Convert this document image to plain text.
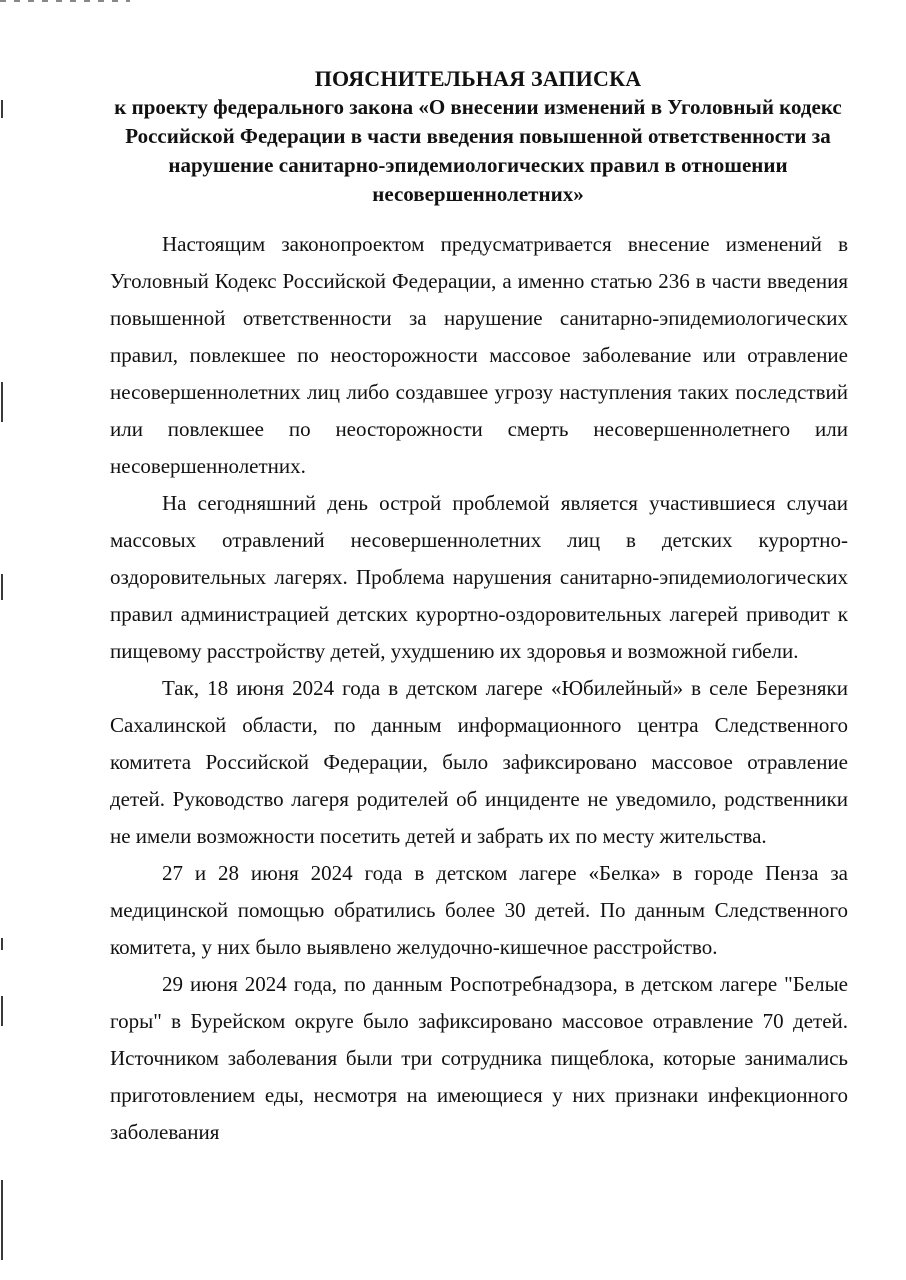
ПОЯСНИТЕЛЬНАЯ ЗАПИСКА
к проекту федерального закона «О внесении изменений в Уголовный кодекс Российской Федерации в части введения повышенной ответственности за нарушение санитарно-эпидемиологических правил в отношении несовершеннолетних»

Настоящим законопроектом предусматривается внесение изменений в Уголовный Кодекс Российской Федерации, а именно статью 236 в части введения повышенной ответственности за нарушение санитарно-эпидемиологических правил, повлекшее по неосторожности массовое заболевание или отравление несовершеннолетних лиц либо создавшее угрозу наступления таких последствий или повлекшее по неосторожности смерть несовершеннолетнего или несовершеннолетних.

На сегодняшний день острой проблемой является участившиеся случаи массовых отравлений несовершеннолетних лиц в детских курортно-оздоровительных лагерях. Проблема нарушения санитарно-эпидемиологических правил администрацией детских курортно-оздоровительных лагерей приводит к пищевому расстройству детей, ухудшению их здоровья и возможной гибели.

Так, 18 июня 2024 года в детском лагере «Юбилейный» в селе Березняки Сахалинской области, по данным информационного центра Следственного комитета Российской Федерации, было зафиксировано массовое отравление детей. Руководство лагеря родителей об инциденте не уведомило, родственники не имели возможности посетить детей и забрать их по месту жительства.

27 и 28 июня 2024 года в детском лагере «Белка» в городе Пенза за медицинской помощью обратились более 30 детей. По данным Следственного комитета, у них было выявлено желудочно-кишечное расстройство.

29 июня 2024 года, по данным Роспотребнадзора, в детском лагере "Белые горы" в Бурейском округе было зафиксировано массовое отравление 70 детей. Источником заболевания были три сотрудника пищеблока, которые занимались приготовлением еды, несмотря на имеющиеся у них признаки инфекционного заболевания
